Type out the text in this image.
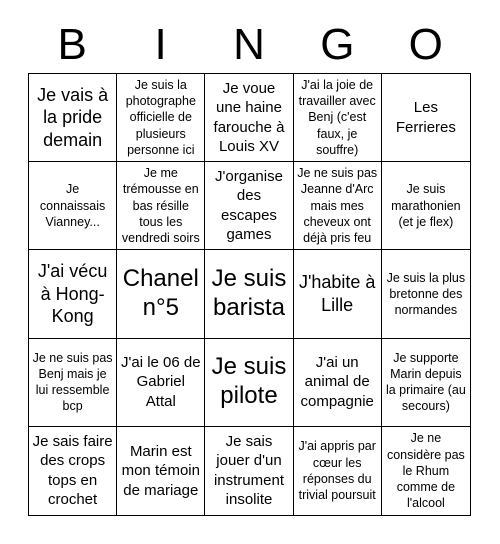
B	I	N	G	O
Je vais à la pride demain
Je suis la photographe officielle de plusieurs personne ici
Je voue une haine farouche à Louis XV
J'ai la joie de travailler avec Benj (c'est faux, je souffre)
Les Ferrieres
Je connaissais Vianney...
Je me trémousse en bas résille tous les vendredi soirs
J'organise des escapes games
Je ne suis pas Jeanne d'Arc mais mes cheveux ont déjà pris feu
Je suis marathonien (et je flex)
J'ai vécu à Hong-Kong
Chanel n°5
Je suis barista
J'habite à Lille
Je suis la plus bretonne des normandes
Je ne suis pas Benj mais je lui ressemble bcp
J'ai le 06 de Gabriel Attal
Je suis pilote
J'ai un animal de compagnie
Je supporte Marin depuis la primaire (au secours)
Je sais faire des crops tops en crochet
Marin est mon témoin de mariage
Je sais jouer d'un instrument insolite
J'ai appris par cœur les réponses du trivial poursuit
Je ne considère pas le Rhum comme de l'alcool
